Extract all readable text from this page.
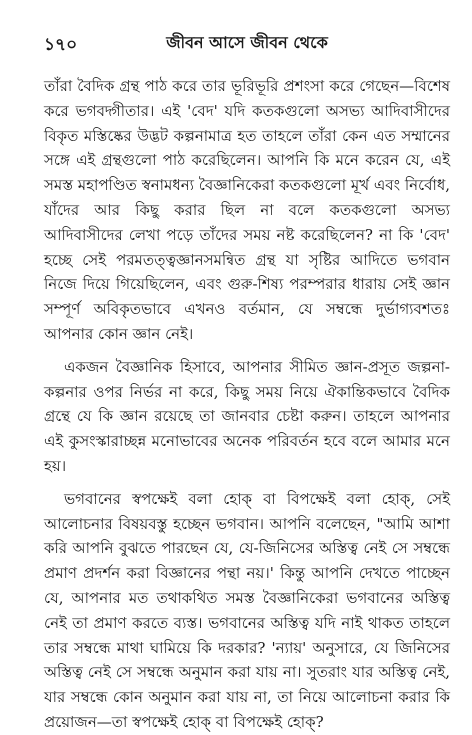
১৭০	জীবন আসে জীবন থেকে

তাঁরা বৈদিক গ্রন্থ পাঠ করে তার ভূরিভূরি প্রশংসা করে গেছেন—বিশেষ করে ভগবদ্গীতার। এই 'বেদ' যদি কতকগুলো অসভ্য আদিবাসীদের বিকৃত মস্তিষ্কের উদ্ভট কল্পনামাত্র হত তাহলে তাঁরা কেন এত সম্মানের সঙ্গে এই গ্রন্থগুলো পাঠ করেছিলেন। আপনি কি মনে করেন যে, এই সমস্ত মহাপণ্ডিত স্বনামধন্য বৈজ্ঞানিকেরা কতকগুলো মূর্খ এবং নির্বোধ, যাঁদের আর কিছু করার ছিল না বলে কতকগুলো অসভ্য আদিবাসীদের লেখা পড়ে তাঁদের সময় নষ্ট করেছিলেন? না কি 'বেদ' হচ্ছে সেই পরমতত্ত্বজ্ঞানসমন্বিত গ্রন্থ যা সৃষ্টির আদিতে ভগবান নিজে দিয়ে গিয়েছিলেন, এবং গুরু-শিষ্য পরম্পরার ধারায় সেই জ্ঞান সম্পূর্ণ অবিকৃতভাবে এখনও বর্তমান, যে সম্বন্ধে দুর্ভাগ্যবশতঃ আপনার কোন জ্ঞান নেই।

একজন বৈজ্ঞানিক হিসাবে, আপনার সীমিত জ্ঞান-প্রসূত জল্পনা-কল্পনার ওপর নির্ভর না করে, কিছু সময় নিয়ে ঐকান্তিকভাবে বৈদিক গ্রন্থে যে কি জ্ঞান রয়েছে তা জানবার চেষ্টা করুন। তাহলে আপনার এই কুসংস্কারাচ্ছন্ন মনোভাবের অনেক পরিবর্তন হবে বলে আমার মনে হয়।

ভগবানের স্বপক্ষেই বলা হোক্ বা বিপক্ষেই বলা হোক্, সেই আলোচনার বিষয়বস্তু হচ্ছেন ভগবান। আপনি বলেছেন, "আমি আশা করি আপনি বুঝতে পারছেন যে, যে-জিনিসের অস্তিত্ব নেই সে সম্বন্ধে প্রমাণ প্রদর্শন করা বিজ্ঞানের পন্থা নয়।' কিন্তু আপনি দেখতে পাচ্ছেন যে, আপনার মত তথাকথিত সমস্ত বৈজ্ঞানিকেরা ভগবানের অস্তিত্ব নেই তা প্রমাণ করতে ব্যস্ত। ভগবানের অস্তিত্ব যদি নাই থাকত তাহলে তার সম্বন্ধে মাথা ঘামিয়ে কি দরকার? 'ন্যায়' অনুসারে, যে জিনিসের অস্তিত্ব নেই সে সম্বন্ধে অনুমান করা যায় না। সুতরাং যার অস্তিত্ব নেই, যার সম্বন্ধে কোন অনুমান করা যায় না, তা নিয়ে আলোচনা করার কি প্রয়োজন—তা স্বপক্ষেই হোক্ বা বিপক্ষেই হোক্?
